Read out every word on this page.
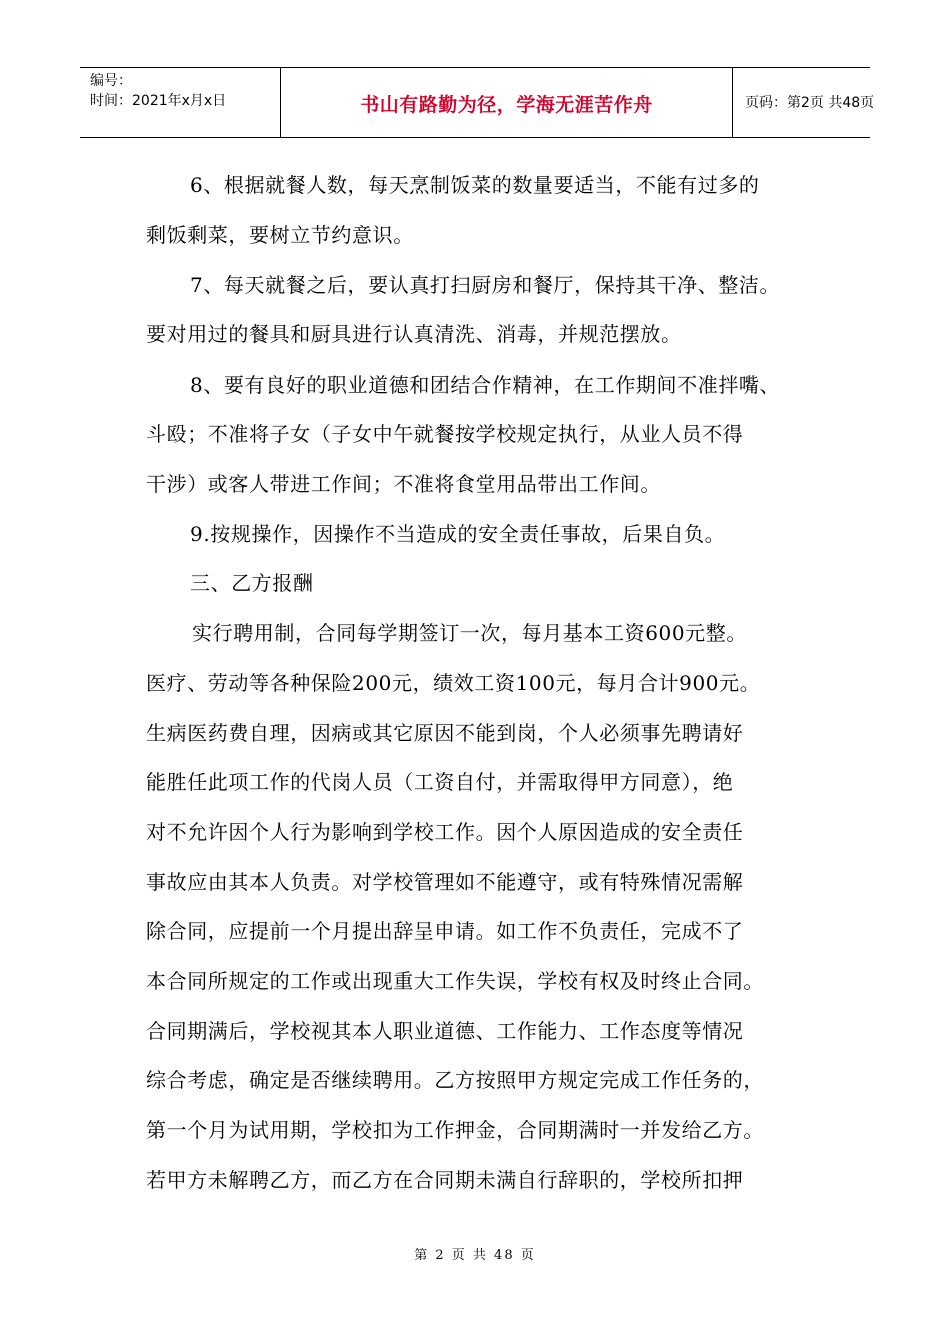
编号：
时间：2021年x月x日	书山有路勤为径，学海无涯苦作舟	页码：第2页 共48页
6、根据就餐人数，每天烹制饭菜的数量要适当，不能有过多的
剩饭剩菜，要树立节约意识。
7、每天就餐之后，要认真打扫厨房和餐厅，保持其干净、整洁。
要对用过的餐具和厨具进行认真清洗、消毒，并规范摆放。
8、要有良好的职业道德和团结合作精神，在工作期间不准拌嘴、
斗殴；不准将子女（子女中午就餐按学校规定执行，从业人员不得
干涉）或客人带进工作间；不准将食堂用品带出工作间。
9.按规操作，因操作不当造成的安全责任事故，后果自负。
三、乙方报酬
实行聘用制，合同每学期签订一次，每月基本工资600元整。
医疗、劳动等各种保险200元，绩效工资100元，每月合计900元。
生病医药费自理，因病或其它原因不能到岗，个人必须事先聘请好
能胜任此项工作的代岗人员（工资自付，并需取得甲方同意），绝
对不允许因个人行为影响到学校工作。因个人原因造成的安全责任
事故应由其本人负责。对学校管理如不能遵守，或有特殊情况需解
除合同，应提前一个月提出辞呈申请。如工作不负责任，完成不了
本合同所规定的工作或出现重大工作失误，学校有权及时终止合同。
合同期满后，学校视其本人职业道德、工作能力、工作态度等情况
综合考虑，确定是否继续聘用。乙方按照甲方规定完成工作任务的，
第一个月为试用期，学校扣为工作押金，合同期满时一并发给乙方。
若甲方未解聘乙方，而乙方在合同期未满自行辞职的，学校所扣押
第 2 页 共 48 页
